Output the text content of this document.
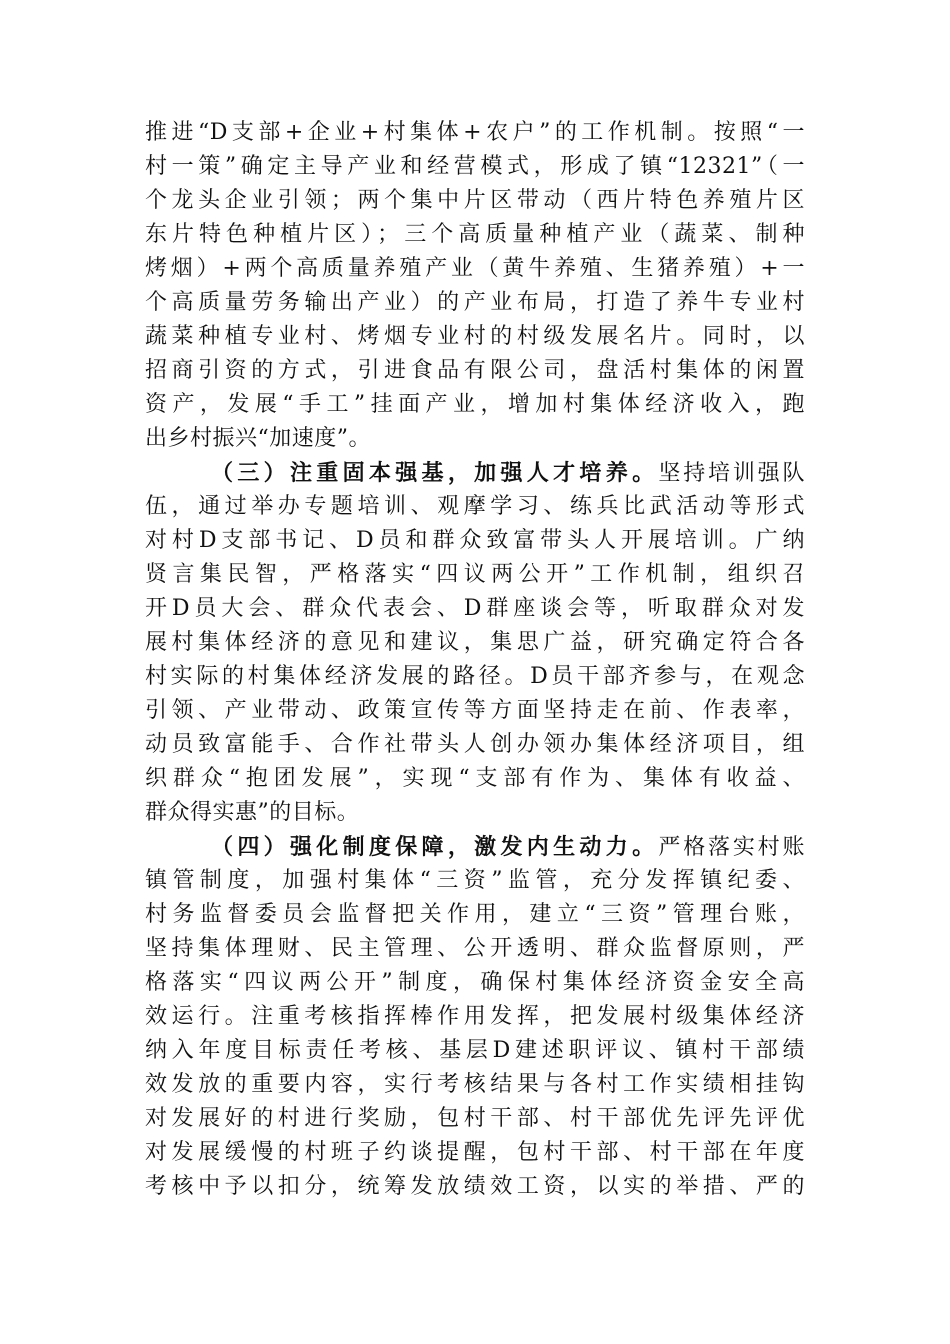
推进“D支部+企业+村集体+农户”的工作机制。按照“一
村一策”确定主导产业和经营模式，形成了镇“12321”（一
个龙头企业引领；两个集中片区带动（西片特色养殖片区
东片特色种植片区）；三个高质量种植产业（蔬菜、制种
烤烟）+两个高质量养殖产业（黄牛养殖、生猪养殖）+一
个高质量劳务输出产业）的产业布局，打造了养牛专业村
蔬菜种植专业村、烤烟专业村的村级发展名片。同时，以
招商引资的方式，引进食品有限公司，盘活村集体的闲置
资产，发展“手工”挂面产业，增加村集体经济收入，跑
出乡村振兴“加速度”。
（三）注重固本强基，加强人才培养。坚持培训强队
伍，通过举办专题培训、观摩学习、练兵比武活动等形式
对村D支部书记、D员和群众致富带头人开展培训。广纳
贤言集民智，严格落实“四议两公开”工作机制，组织召
开D员大会、群众代表会、D群座谈会等，听取群众对发
展村集体经济的意见和建议，集思广益，研究确定符合各
村实际的村集体经济发展的路径。D员干部齐参与，在观念
引领、产业带动、政策宣传等方面坚持走在前、作表率，
动员致富能手、合作社带头人创办领办集体经济项目，组
织群众“抱团发展”，实现“支部有作为、集体有收益、
群众得实惠”的目标。
（四）强化制度保障，激发内生动力。严格落实村账
镇管制度，加强村集体“三资”监管，充分发挥镇纪委、
村务监督委员会监督把关作用，建立“三资”管理台账，
坚持集体理财、民主管理、公开透明、群众监督原则，严
格落实“四议两公开”制度，确保村集体经济资金安全高
效运行。注重考核指挥棒作用发挥，把发展村级集体经济
纳入年度目标责任考核、基层D建述职评议、镇村干部绩
效发放的重要内容，实行考核结果与各村工作实绩相挂钩
对发展好的村进行奖励，包村干部、村干部优先评先评优
对发展缓慢的村班子约谈提醒，包村干部、村干部在年度
考核中予以扣分，统筹发放绩效工资，以实的举措、严的
